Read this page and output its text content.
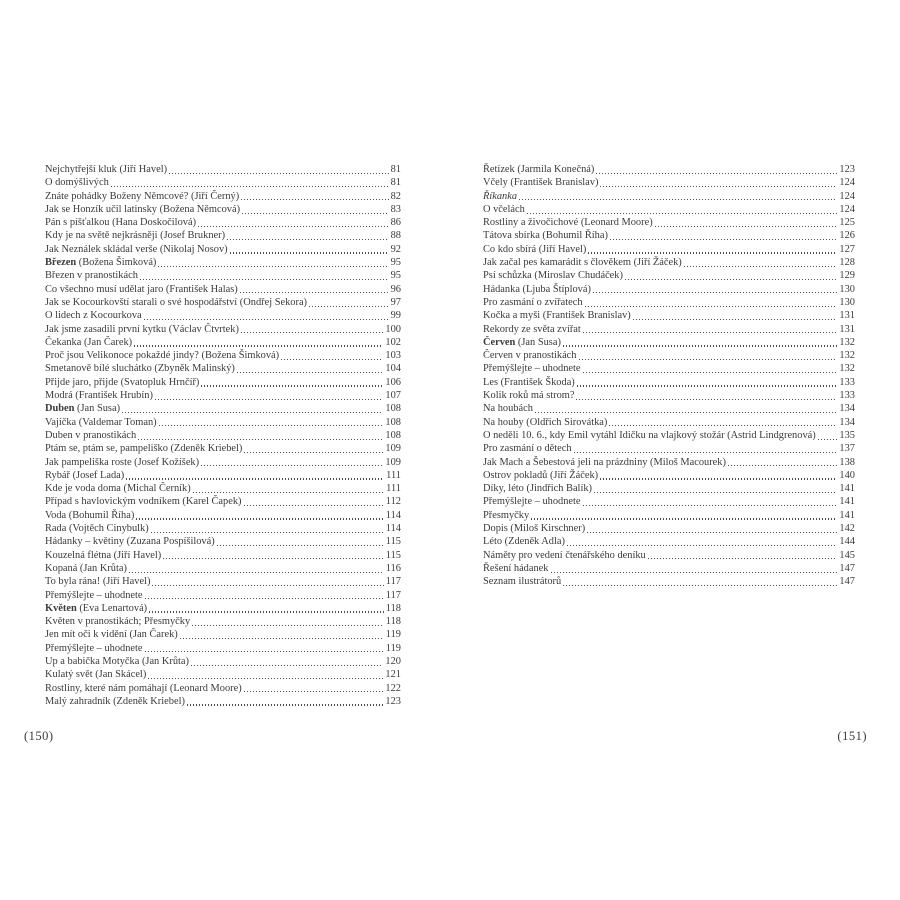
Nejchytřejší kluk (Jiří Havel)	81
O domýšlivých	81
Znáte pohádky Boženy Němcové? (Jiří Černý)	82
Jak se Honzík učil latinsky (Božena Němcová)	83
Pán s píšťalkou (Hana Doskočilová)	86
Kdy je na světě nejkrásněji (Josef Brukner)	88
Jak Neználek skládal verše (Nikolaj Nosov)	92
Březen (Božena Šimková)	95
Březen v pranostikách	95
Co všechno musí udělat jaro (František Halas)	96
Jak se Kocourkovští starali o své hospodářství (Ondřej Sekora)	97
O lidech z Kocourkova	99
Jak jsme zasadili první kytku (Václav Čtvrtek)	100
Čekanka (Jan Čarek)	102
Proč jsou Velikonoce pokaždé jindy? (Božena Šimková)	103
Smetanově bílé sluchátko (Zbyněk Malinský)	104
Přijde jaro, přijde (Svatopluk Hrnčíř)	106
Modrá (František Hrubín)	107
Duben (Jan Susa)	108
Vajíčka (Valdemar Toman)	108
Duben v pranostikách	108
Ptám se, ptám se, pampeliško (Zdeněk Kriebel)	109
Jak pampeliška roste (Josef Kožíšek)	109
Rybář (Josef Lada)	111
Kde je voda doma (Michal Černík)	111
Případ s havlovickým vodníkem (Karel Čapek)	112
Voda (Bohumil Říha)	114
Rada (Vojtěch Cinybulk)	114
Hádanky – květiny (Zuzana Pospíšilová)	115
Kouzelná flétna (Jiří Havel)	115
Kopaná (Jan Krůta)	116
To byla rána! (Jiří Havel)	117
Přemýšlejte – uhodnete	117
Květen (Eva Lenartová)	118
Květen v pranostikách; Přesmyčky	118
Jen mít oči k vidění (Jan Čarek)	119
Přemýšlejte – uhodnete	119
Up a babička Motyčka (Jan Krůta)	120
Kulatý svět (Jan Skácel)	121
Rostliny, které nám pomáhají (Leonard Moore)	122
Malý zahradník (Zdeněk Kriebel)	123
Řetízek (Jarmila Konečná)	123
Včely (František Branislav)	124
Říkanka	124
O včelách	124
Rostliny a živočichové (Leonard Moore)	125
Tátova sbírka (Bohumil Říha)	126
Co kdo sbírá (Jiří Havel)	127
Jak začal pes kamarádit s člověkem (Jiří Žáček)	128
Psí schůzka (Miroslav Chudáček)	129
Hádanka (Ljuba Štíplová)	130
Pro zasmání o zvířatech	130
Kočka a myši (František Branislav)	131
Rekordy ze světa zvířat	131
Červen (Jan Susa)	132
Červen v pranostikách	132
Přemýšlejte – uhodnete	132
Les (František Škoda)	133
Kolik roků má strom?	133
Na houbách	134
Na houby (Oldřich Sirovátka)	134
O neděli 10. 6., kdy Emil vytáhl Idičku na vlajkový stožár (Astrid Lindgrenová) 135
Pro zasmání o dětech	137
Jak Mach a Šebestová jeli na prázdniny (Miloš Macourek)	138
Ostrov pokladů (Jiří Žáček)	140
Díky, léto (Jindřich Balík)	141
Přemýšlejte – uhodnete	141
Přesmyčky	141
Dopis (Miloš Kirschner)	142
Léto (Zdeněk Adla)	144
Náměty pro vedení čtenářského deníku	145
Řešení hádanek	147
Seznam ilustrátorů	147
(150)	(151)
